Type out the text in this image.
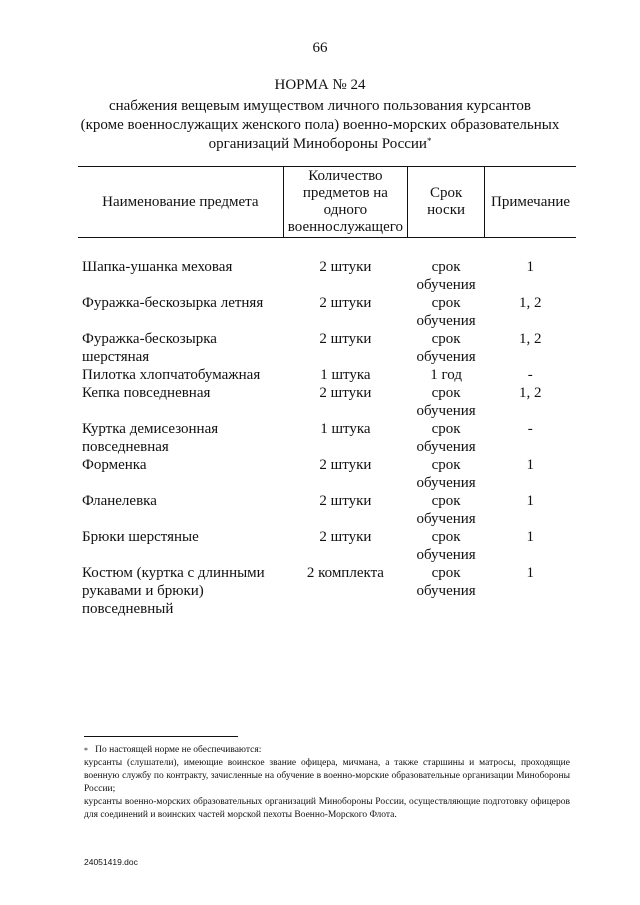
66
НОРМА № 24
снабжения вещевым имуществом личного пользования курсантов
(кроме военнослужащих женского пола) военно-морских образовательных
организаций Минобороны России*
Наименование предмета	Количество предметов на одного военнослужащего	Срок носки	Примечание
Шапка-ушанка меховая	2 штуки	срок обучения	1
Фуражка-бескозырка летняя	2 штуки	срок обучения	1, 2
Фуражка-бескозырка шерстяная	2 штуки	срок обучения	1, 2
Пилотка хлопчатобумажная	1 штука	1 год	-
Кепка повседневная	2 штуки	срок обучения	1, 2
Куртка демисезонная повседневная	1 штука	срок обучения	-
Форменка	2 штуки	срок обучения	1
Фланелевка	2 штуки	срок обучения	1
Брюки шерстяные	2 штуки	срок обучения	1
Костюм (куртка с длинными рукавами и брюки) повседневный	2 комплекта	срок обучения	1

* По настоящей норме не обеспечиваются:

курсанты (слушатели), имеющие воинское звание офицера, мичмана, а также старшины и матросы, проходящие военную службу по контракту, зачисленные на обучение в военно-морские образовательные организации Минобороны России;

курсанты военно-морских образовательных организаций Минобороны России, осуществляющие подготовку офицеров для соединений и воинских частей морской пехоты Военно-Морского Флота.

24051419.doc
